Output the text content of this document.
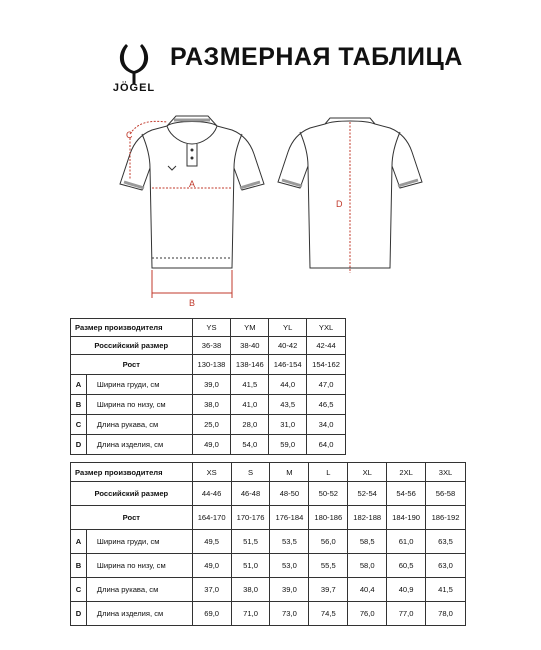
JÖGEL
РАЗМЕРНАЯ ТАБЛИЦА
C
A
B
D
Размер производителя		YS	YM	YL	YXL
Российский размер		36-38	38-40	40-42	42-44
Рост		130-138	138-146	146-154	154-162
A	Ширина груди, см	39,0	41,5	44,0	47,0
B	Ширина по низу, см	38,0	41,0	43,5	46,5
C	Длина рукава, см	25,0	28,0	31,0	34,0
D	Длина изделия, см	49,0	54,0	59,0	64,0
Размер производителя		XS	S	M	L	XL	2XL	3XL
Российский размер		44-46	46-48	48-50	50-52	52-54	54-56	56-58
Рост		164-170	170-176	176-184	180-186	182-188	184-190	186-192
A	Ширина груди, см	49,5	51,5	53,5	56,0	58,5	61,0	63,5
B	Ширина по низу, см	49,0	51,0	53,0	55,5	58,0	60,5	63,0
C	Длина рукава, см	37,0	38,0	39,0	39,7	40,4	40,9	41,5
D	Длина изделия, см	69,0	71,0	73,0	74,5	76,0	77,0	78,0
